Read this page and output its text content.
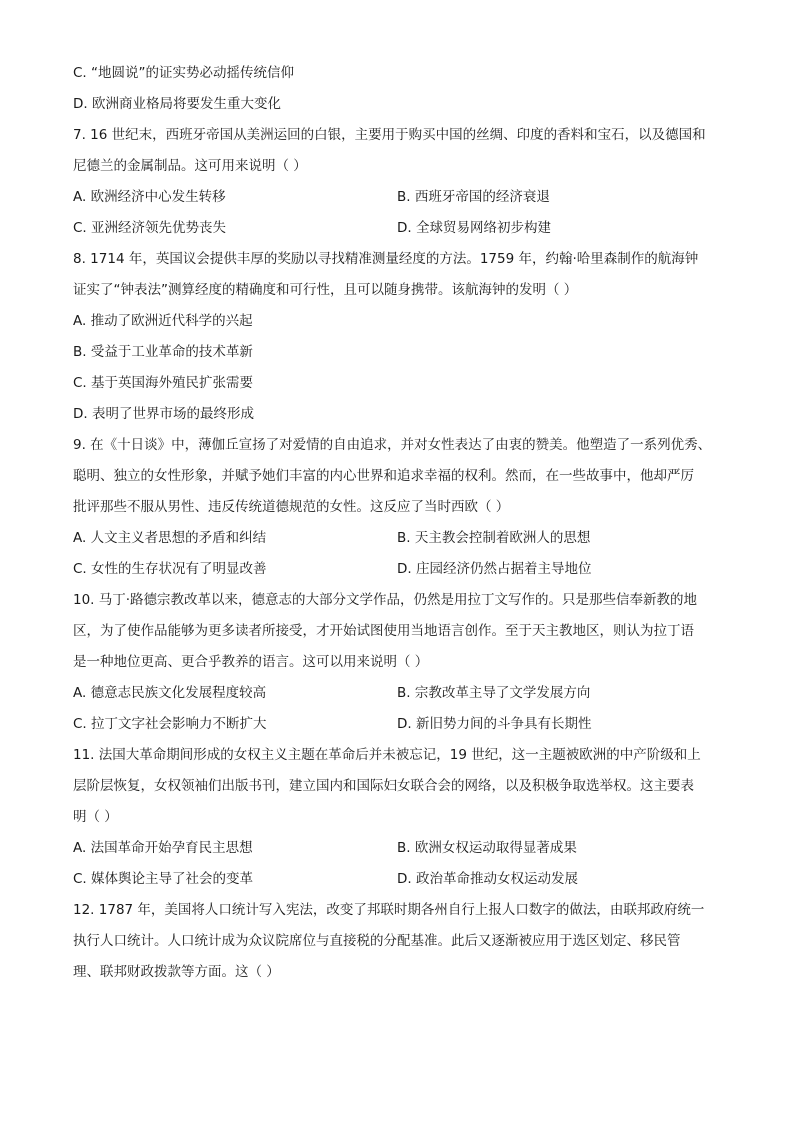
C. “地圆说”的证实势必动摇传统信仰
D. 欧洲商业格局将要发生重大变化
7. 16 世纪末，西班牙帝国从美洲运回的白银，主要用于购买中国的丝绸、印度的香料和宝石，以及德国和
尼德兰的金属制品。这可用来说明（ ）
A. 欧洲经济中心发生转移	B. 西班牙帝国的经济衰退
C. 亚洲经济领先优势丧失	D. 全球贸易网络初步构建
8. 1714 年，英国议会提供丰厚的奖励以寻找精准测量经度的方法。1759 年，约翰·哈里森制作的航海钟
证实了“钟表法”测算经度的精确度和可行性，且可以随身携带。该航海钟的发明（ ）
A. 推动了欧洲近代科学的兴起
B. 受益于工业革命的技术革新
C. 基于英国海外殖民扩张需要
D. 表明了世界市场的最终形成
9. 在《十日谈》中，薄伽丘宣扬了对爱情的自由追求，并对女性表达了由衷的赞美。他塑造了一系列优秀、
聪明、独立的女性形象，并赋予她们丰富的内心世界和追求幸福的权利。然而，在一些故事中，他却严厉
批评那些不服从男性、违反传统道德规范的女性。这反应了当时西欧（ ）
A. 人文主义者思想的矛盾和纠结	B. 天主教会控制着欧洲人的思想
C. 女性的生存状况有了明显改善	D. 庄园经济仍然占据着主导地位
10. 马丁·路德宗教改革以来，德意志的大部分文学作品，仍然是用拉丁文写作的。只是那些信奉新教的地
区，为了使作品能够为更多读者所接受，才开始试图使用当地语言创作。至于天主教地区，则认为拉丁语
是一种地位更高、更合乎教养的语言。这可以用来说明（ ）
A. 德意志民族文化发展程度较高	B. 宗教改革主导了文学发展方向
C. 拉丁文字社会影响力不断扩大	D. 新旧势力间的斗争具有长期性
11. 法国大革命期间形成的女权主义主题在革命后并未被忘记，19 世纪，这一主题被欧洲的中产阶级和上
层阶层恢复，女权领袖们出版书刊，建立国内和国际妇女联合会的网络，以及积极争取选举权。这主要表
明（ ）
A. 法国革命开始孕育民主思想	B. 欧洲女权运动取得显著成果
C. 媒体舆论主导了社会的变革	D. 政治革命推动女权运动发展
12. 1787 年，美国将人口统计写入宪法，改变了邦联时期各州自行上报人口数字的做法，由联邦政府统一
执行人口统计。人口统计成为众议院席位与直接税的分配基准。此后又逐渐被应用于选区划定、移民管
理、联邦财政拨款等方面。这（ ）
